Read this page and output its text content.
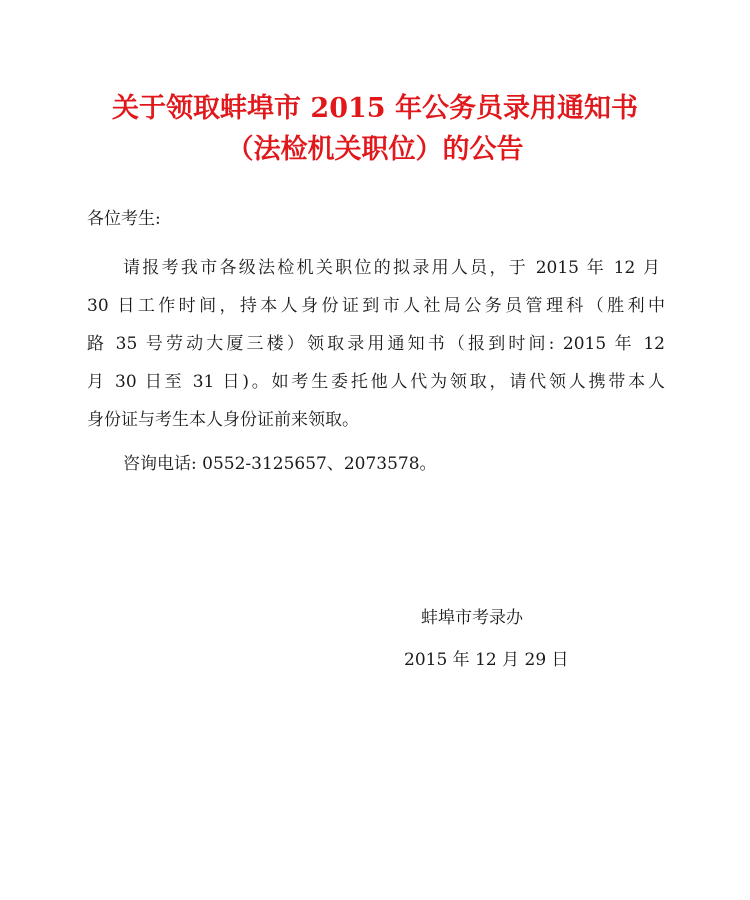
关于领取蚌埠市 2015 年公务员录用通知书
（法检机关职位）的公告
各位考生:
请报考我市各级法检机关职位的拟录用人员，于 2015 年 12 月
30 日工作时间，持本人身份证到市人社局公务员管理科（胜利中
路 35 号劳动大厦三楼）领取录用通知书（报到时间: 2015 年 12
月 30 日至 31 日)。如考生委托他人代为领取，请代领人携带本人
身份证与考生本人身份证前来领取。
咨询电话: 0552-3125657、2073578。
蚌埠市考录办
2015 年 12 月 29 日
